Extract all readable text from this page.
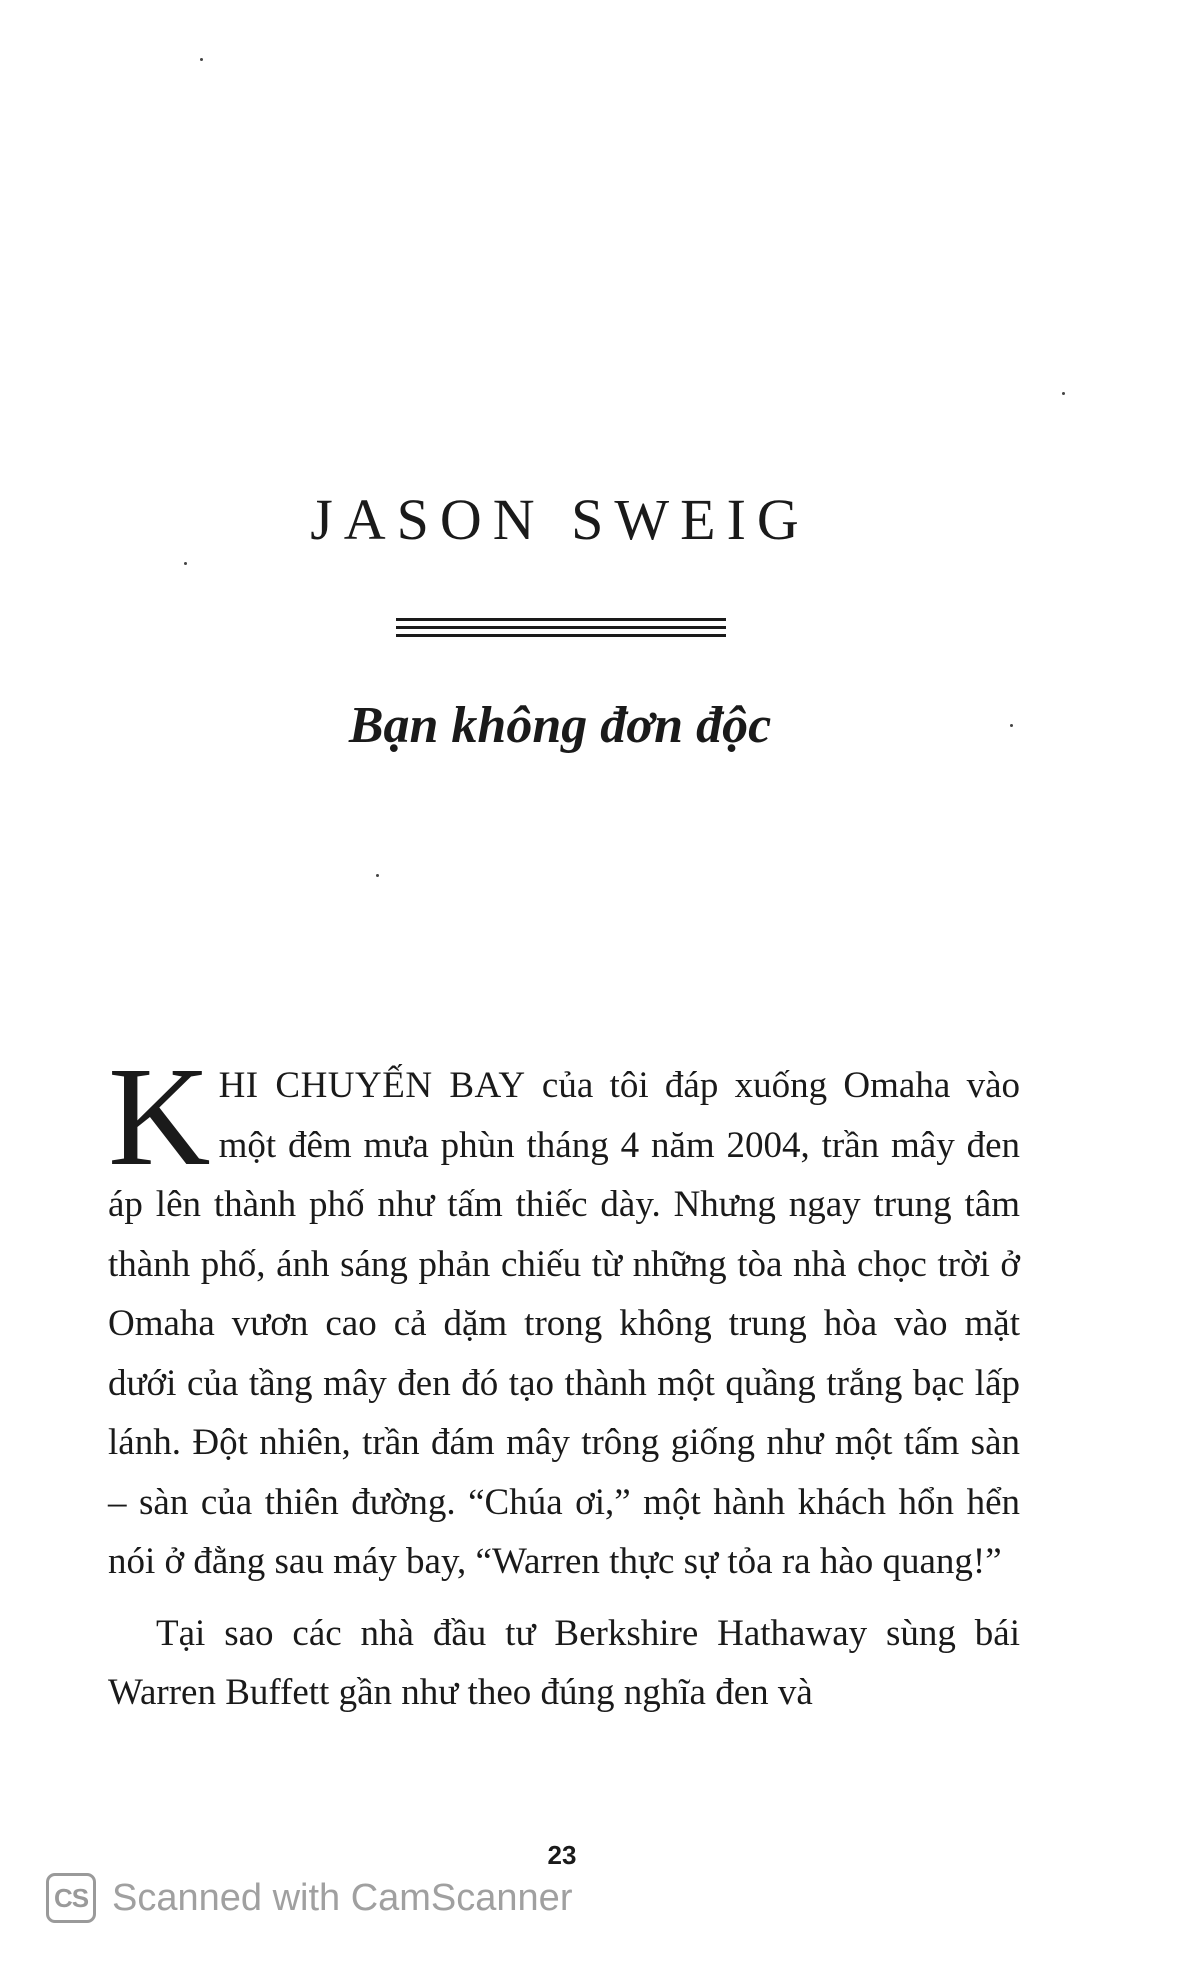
JASON SWEIG
Bạn không đơn độc

KHI CHUYẾN BAY của tôi đáp xuống Omaha vào một đêm mưa phùn tháng 4 năm 2004, trần mây đen áp lên thành phố như tấm thiếc dày. Nhưng ngay trung tâm thành phố, ánh sáng phản chiếu từ những tòa nhà chọc trời ở Omaha vươn cao cả dặm trong không trung hòa vào mặt dưới của tầng mây đen đó tạo thành một quầng trắng bạc lấp lánh. Đột nhiên, trần đám mây trông giống như một tấm sàn – sàn của thiên đường. “Chúa ơi,” một hành khách hổn hển nói ở đằng sau máy bay, “Warren thực sự tỏa ra hào quang!”

Tại sao các nhà đầu tư Berkshire Hathaway sùng bái Warren Buffett gần như theo đúng nghĩa đen và

23
CS Scanned with CamScanner
